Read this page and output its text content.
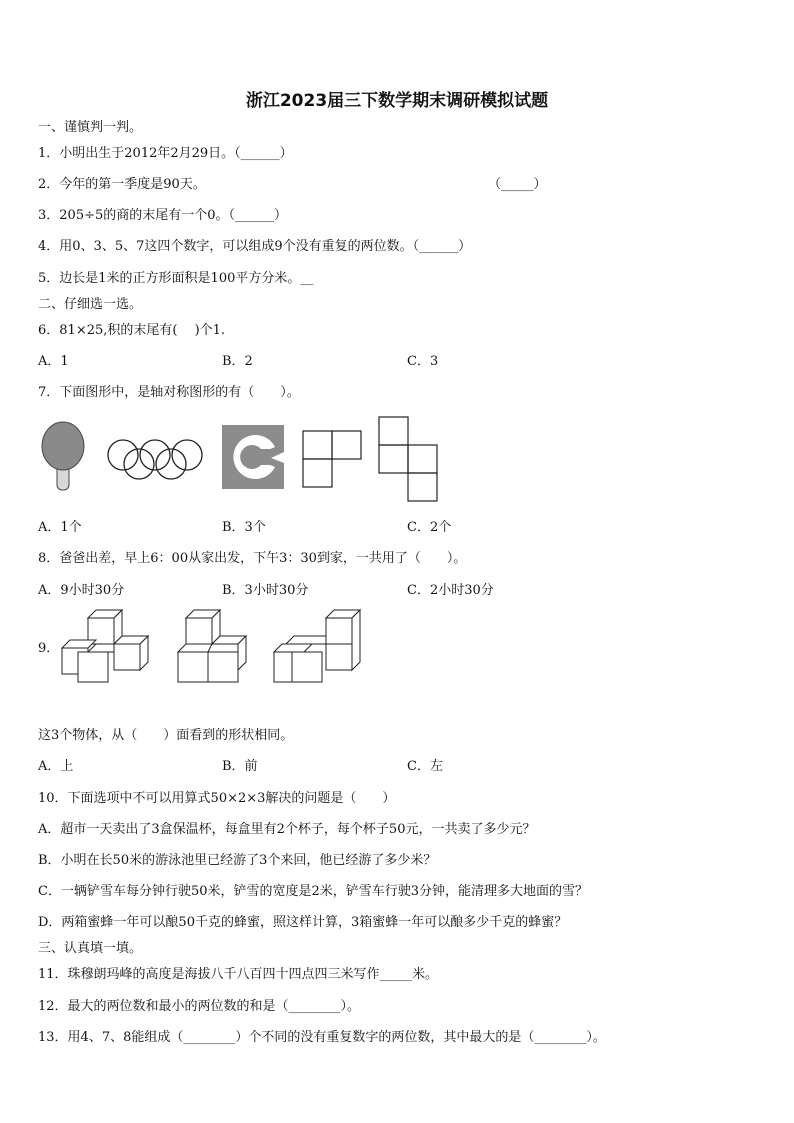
浙江2023届三下数学期末调研模拟试题
一、谨慎判一判。
1．小明出生于2012年2月29日。（______）
2．今年的第一季度是90天。	（_____）
3．205÷5的商的末尾有一个0。（______）
4．用0、3、5、7这四个数字，可以组成9个没有重复的两位数。（______）
5．边长是1米的正方形面积是100平方分米。__
二、仔细选一选。
6．81×25,积的末尾有(　 )个1.
A．1	B．2	C．3
7．下面图形中，是轴对称图形的有（　　）。
A．1个	B．3个	C．2个
8．爸爸出差，早上6：00从家出发，下午3：30到家，一共用了（　　）。
A．9小时30分	B．3小时30分	C．2小时30分
9．
这3个物体，从（　　）面看到的形状相同。
A．上	B．前	C．左
10．下面选项中不可以用算式50×2×3解决的问题是（　　）
A．超市一天卖出了3盒保温杯，每盒里有2个杯子，每个杯子50元，一共卖了多少元？
B．小明在长50米的游泳池里已经游了3个来回，他已经游了多少米？
C．一辆铲雪车每分钟行驶50米，铲雪的宽度是2米，铲雪车行驶3分钟，能清理多大地面的雪？
D．两箱蜜蜂一年可以酿50千克的蜂蜜，照这样计算，3箱蜜蜂一年可以酿多少千克的蜂蜜？
三、认真填一填。
11．珠穆朗玛峰的高度是海拔八千八百四十四点四三米写作_____米。
12．最大的两位数和最小的两位数的和是（________）。
13．用4、7、8能组成（________）个不同的没有重复数字的两位数，其中最大的是（________）。
